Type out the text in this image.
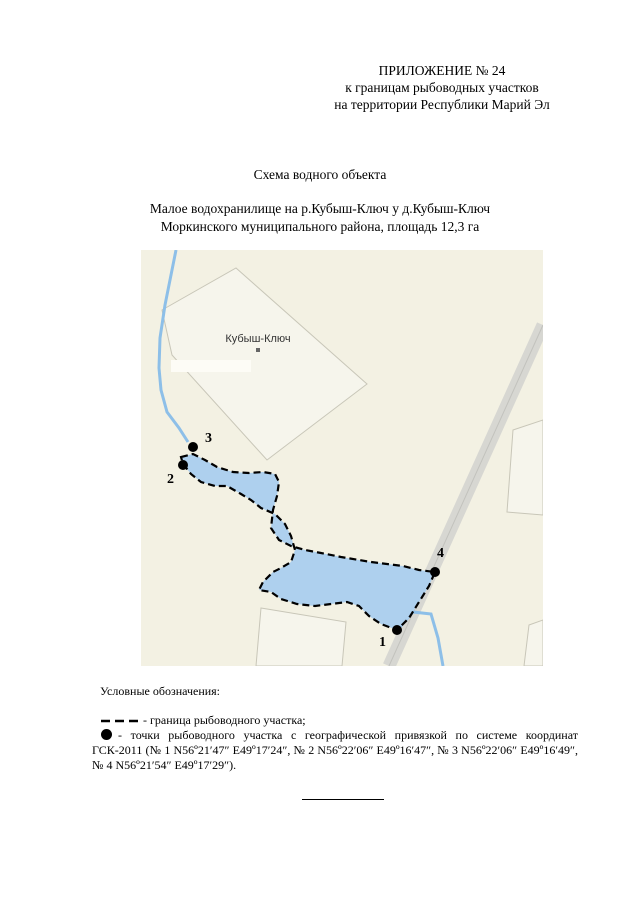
ПРИЛОЖЕНИЕ № 24
к границам рыбоводных участков
на территории Республики Марий Эл
Схема водного объекта
Малое водохранилище на р.Кубыш-Ключ у д.Кубыш-Ключ
Моркинского муниципального района, площадь 12,3 га
Кубыш-Ключ
1
2
3
4
Условные обозначения:
- граница рыбоводного участка;
- точки рыбоводного участка с географической привязкой по системе координат ГСК-2011 (№ 1 N56º21′47″ E49º17′24″, № 2 N56º22′06″ E49º16′47″, № 3 N56º22′06″ E49º16′49″, № 4 N56º21′54″ E49º17′29″).
